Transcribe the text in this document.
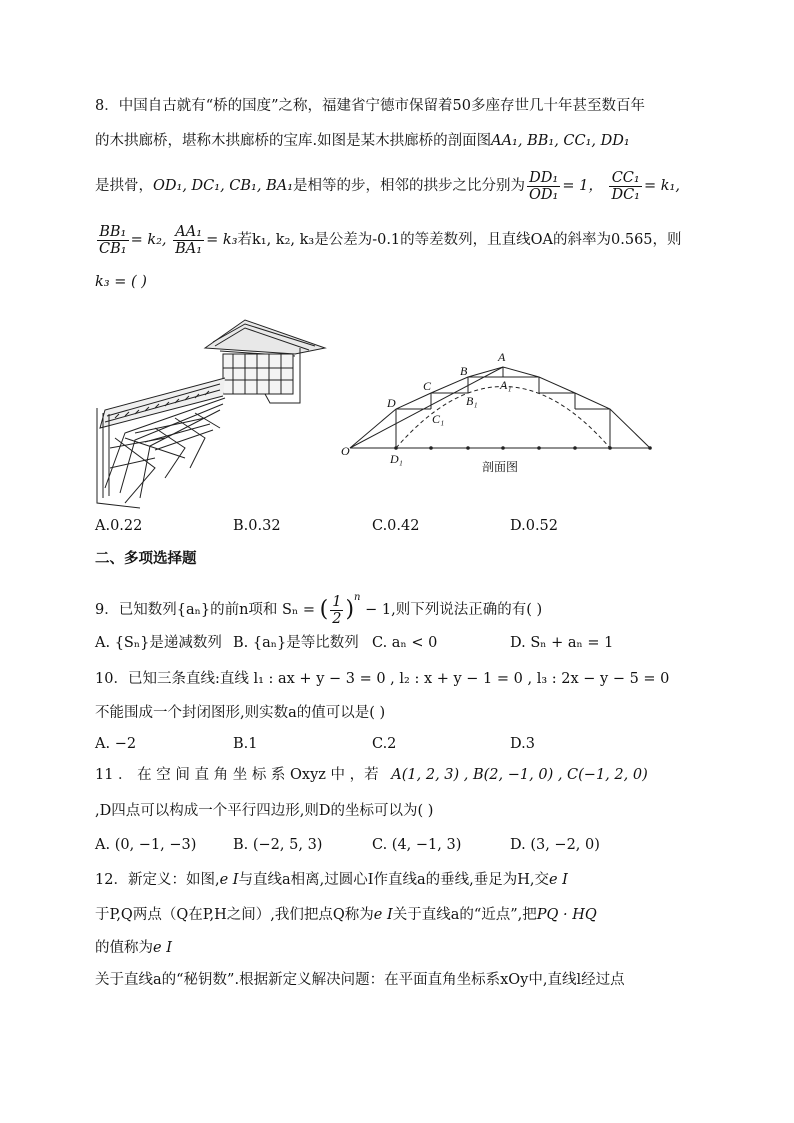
8．中国自古就有“桥的国度”之称，福建省宁德市保留着50多座存世几十年甚至数百年
的木拱廊桥，堪称木拱廊桥的宝库.如图是某木拱廊桥的剖面图AA₁, BB₁, CC₁, DD₁
是拱骨，OD₁, DC₁, CB₁, BA₁是相等的步，相邻的拱步之比分别为 $\frac{\text{DD₁}}{\text{OD₁}} = 1$， $\frac{\text{CC₁}}{\text{DC₁}} = k_1$,
$\frac{\text{BB₁}}{\text{CB₁}} = k_2$, $\frac{\text{AA₁}}{\text{BA₁}} = k_3$若k₁, k₂, k₃是公差为-0.1的等差数列，且直线OA的斜率为0.565，则
k₃ = ( )
O
D
D₁
C
C₁
B
B₁
A
A₁
剖面图
A.0.22	B.0.32	C.0.42	D.0.52
二、多项选择题
9．已知数列{aₙ}的前n项和 Sₙ = ( $\frac{1}{2} )^n - 1$,则下列说法正确的有( )
A. {Sₙ}是递减数列 B. {aₙ}是等比数列 C. aₙ < 0	D. Sₙ + aₙ = 1
10．已知三条直线:直线 l₁ : ax + y − 3 = 0 , l₂ : x + y − 1 = 0 , l₃ : 2x − y − 5 = 0
不能围成一个封闭图形,则实数a的值可以是( )
A. −2	B.1	C.2	D.3
11 ． 在 空 间 直 角 坐 标 系 Oxyz 中 ，若 A(1, 2, 3) , B(2, −1, 0) , C(−1, 2, 0)
,D四点可以构成一个平行四边形,则D的坐标可以为( )
A. (0, −1, −3)	B. (−2, 5, 3)	C. (4, −1, 3)	D. (3, −2, 0)
12．新定义：如图,e I与直线a相离,过圆心I作直线a的垂线,垂足为H,交e I
于P,Q两点（Q在P,H之间）,我们把点Q称为e I关于直线a的“近点”,把PQ · HQ
的值称为e I
关于直线a的“秘钥数”.根据新定义解决问题：在平面直角坐标系xOy中,直线l经过点
